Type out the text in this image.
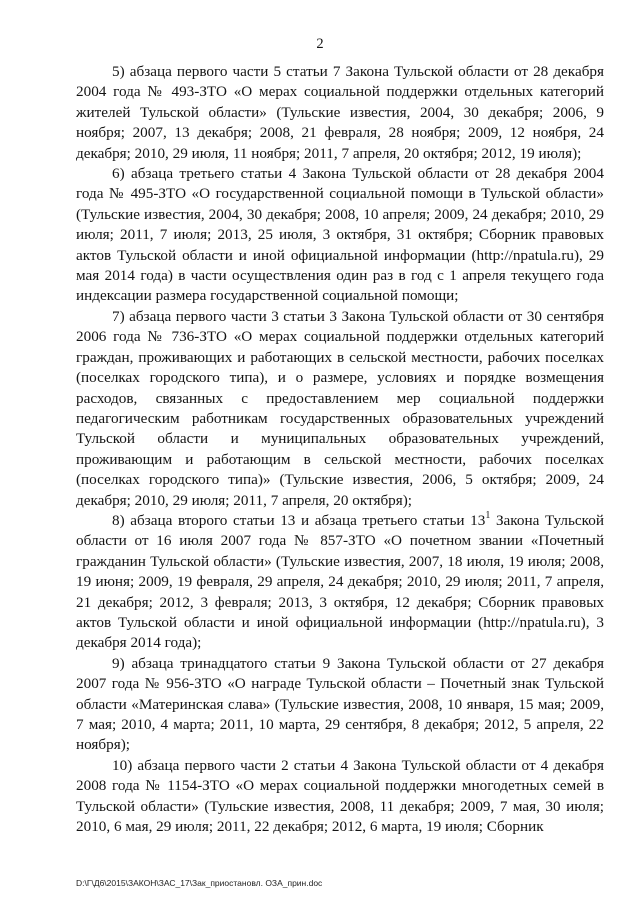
2

5) абзаца первого части 5 статьи 7 Закона Тульской области от 28 декабря 2004 года № 493-ЗТО «О мерах социальной поддержки отдельных категорий жителей Тульской области» (Тульские известия, 2004, 30 декабря; 2006, 9 ноября; 2007, 13 декабря; 2008, 21 февраля, 28 ноября; 2009, 12 ноября, 24 декабря; 2010, 29 июля, 11 ноября; 2011, 7 апреля, 20 октября; 2012, 19 июля);

6) абзаца третьего статьи 4 Закона Тульской области от 28 декабря 2004 года № 495-ЗТО «О государственной социальной помощи в Тульской области» (Тульские известия, 2004, 30 декабря; 2008, 10 апреля; 2009, 24 декабря; 2010, 29 июля; 2011, 7 июля; 2013, 25 июля, 3 октября, 31 октября; Сборник правовых актов Тульской области и иной официальной информации (http://npatula.ru), 29 мая 2014 года) в части осуществления один раз в год с 1 апреля текущего года индексации размера государственной социальной помощи;

7) абзаца первого части 3 статьи 3 Закона Тульской области от 30 сентября 2006 года № 736-ЗТО «О мерах социальной поддержки отдельных категорий граждан, проживающих и работающих в сельской местности, рабочих поселках (поселках городского типа), и о размере, условиях и порядке возмещения расходов, связанных с предоставлением мер социальной поддержки педагогическим работникам государственных образовательных учреждений Тульской области и муниципальных образовательных учреждений, проживающим и работающим в сельской местности, рабочих поселках (поселках городского типа)» (Тульские известия, 2006, 5 октября; 2009, 24 декабря; 2010, 29 июля; 2011, 7 апреля, 20 октября);

8) абзаца второго статьи 13 и абзаца третьего статьи $13^1$ Закона Тульской области от 16 июля 2007 года № 857-ЗТО «О почетном звании «Почетный гражданин Тульской области» (Тульские известия, 2007, 18 июля, 19 июля; 2008, 19 июня; 2009, 19 февраля, 29 апреля, 24 декабря; 2010, 29 июля; 2011, 7 апреля, 21 декабря; 2012, 3 февраля; 2013, 3 октября, 12 декабря; Сборник правовых актов Тульской области и иной официальной информации (http://npatula.ru), 3 декабря 2014 года);

9) абзаца тринадцатого статьи 9 Закона Тульской области от 27 декабря 2007 года № 956-ЗТО «О награде Тульской области – Почетный знак Тульской области «Материнская слава» (Тульские известия, 2008, 10 января, 15 мая; 2009, 7 мая; 2010, 4 марта; 2011, 10 марта, 29 сентября, 8 декабря; 2012, 5 апреля, 22 ноября);

10) абзаца первого части 2 статьи 4 Закона Тульской области от 4 декабря 2008 года № 1154-ЗТО «О мерах социальной поддержки многодетных семей в Тульской области» (Тульские известия, 2008, 11 декабря; 2009, 7 мая, 30 июля; 2010, 6 мая, 29 июля; 2011, 22 декабря; 2012, 6 марта, 19 июля; Сборник

D:\Г\Д6\2015\ЗАКОН\ЗАС_17\Зак_приостановл. ОЗА_прин.doc
